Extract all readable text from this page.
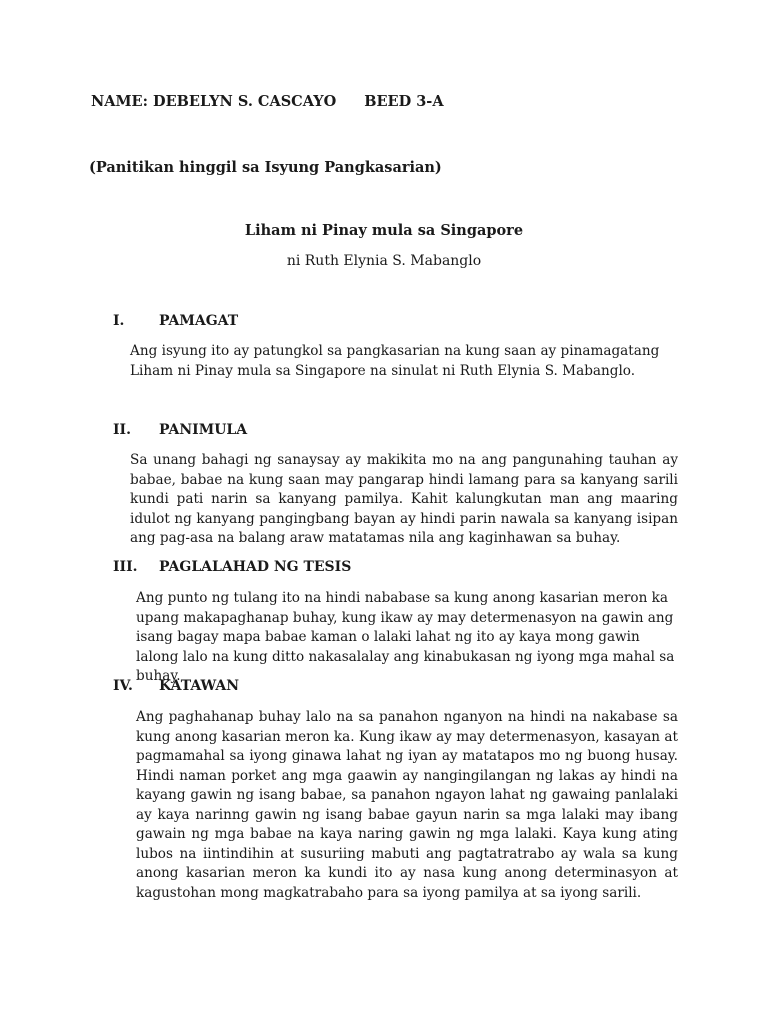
NAME: DEBELYN S. CASCAYO BEED 3-A
(Panitikan hinggil sa Isyung Pangkasarian)
Liham ni Pinay mula sa Singapore
ni Ruth Elynia S. Mabanglo
I. PAMAGAT
Ang isyung ito ay patungkol sa pangkasarian na kung saan ay pinamagatang Liham ni Pinay mula sa Singapore na sinulat ni Ruth Elynia S. Mabanglo.
II. PANIMULA
Sa unang bahagi ng sanaysay ay makikita mo na ang pangunahing tauhan ay babae, babae na kung saan may pangarap hindi lamang para sa kanyang sarili kundi pati narin sa kanyang pamilya. Kahit kalungkutan man ang maaring idulot ng kanyang pangingbang bayan ay hindi parin nawala sa kanyang isipan ang pag-asa na balang araw matatamas nila ang kaginhawan sa buhay.
III. PAGLALAHAD NG TESIS
Ang punto ng tulang ito na hindi nababase sa kung anong kasarian meron ka upang makapaghanap buhay, kung ikaw ay may determenasyon na gawin ang isang bagay mapa babae kaman o lalaki lahat ng ito ay kaya mong gawin lalong lalo na kung ditto nakasalalay ang kinabukasan ng iyong mga mahal sa buhay.
IV. KATAWAN
Ang paghahanap buhay lalo na sa panahon nganyon na hindi na nakabase sa kung anong kasarian meron ka. Kung ikaw ay may determenasyon, kasayan at pagmamahal sa iyong ginawa lahat ng iyan ay matatapos mo ng buong husay. Hindi naman porket ang mga gaawin ay nangingilangan ng lakas ay hindi na kayang gawin ng isang babae, sa panahon ngayon lahat ng gawaing panlalaki ay kaya narinng gawin ng isang babae gayun narin sa mga lalaki may ibang gawain ng mga babae na kaya naring gawin ng mga lalaki. Kaya kung ating lubos na iintindihin at susuriing mabuti ang pagtatratrabo ay wala sa kung anong kasarian meron ka kundi ito ay nasa kung anong determinasyon at kagustohan mong magkatrabaho para sa iyong pamilya at sa iyong sarili.
